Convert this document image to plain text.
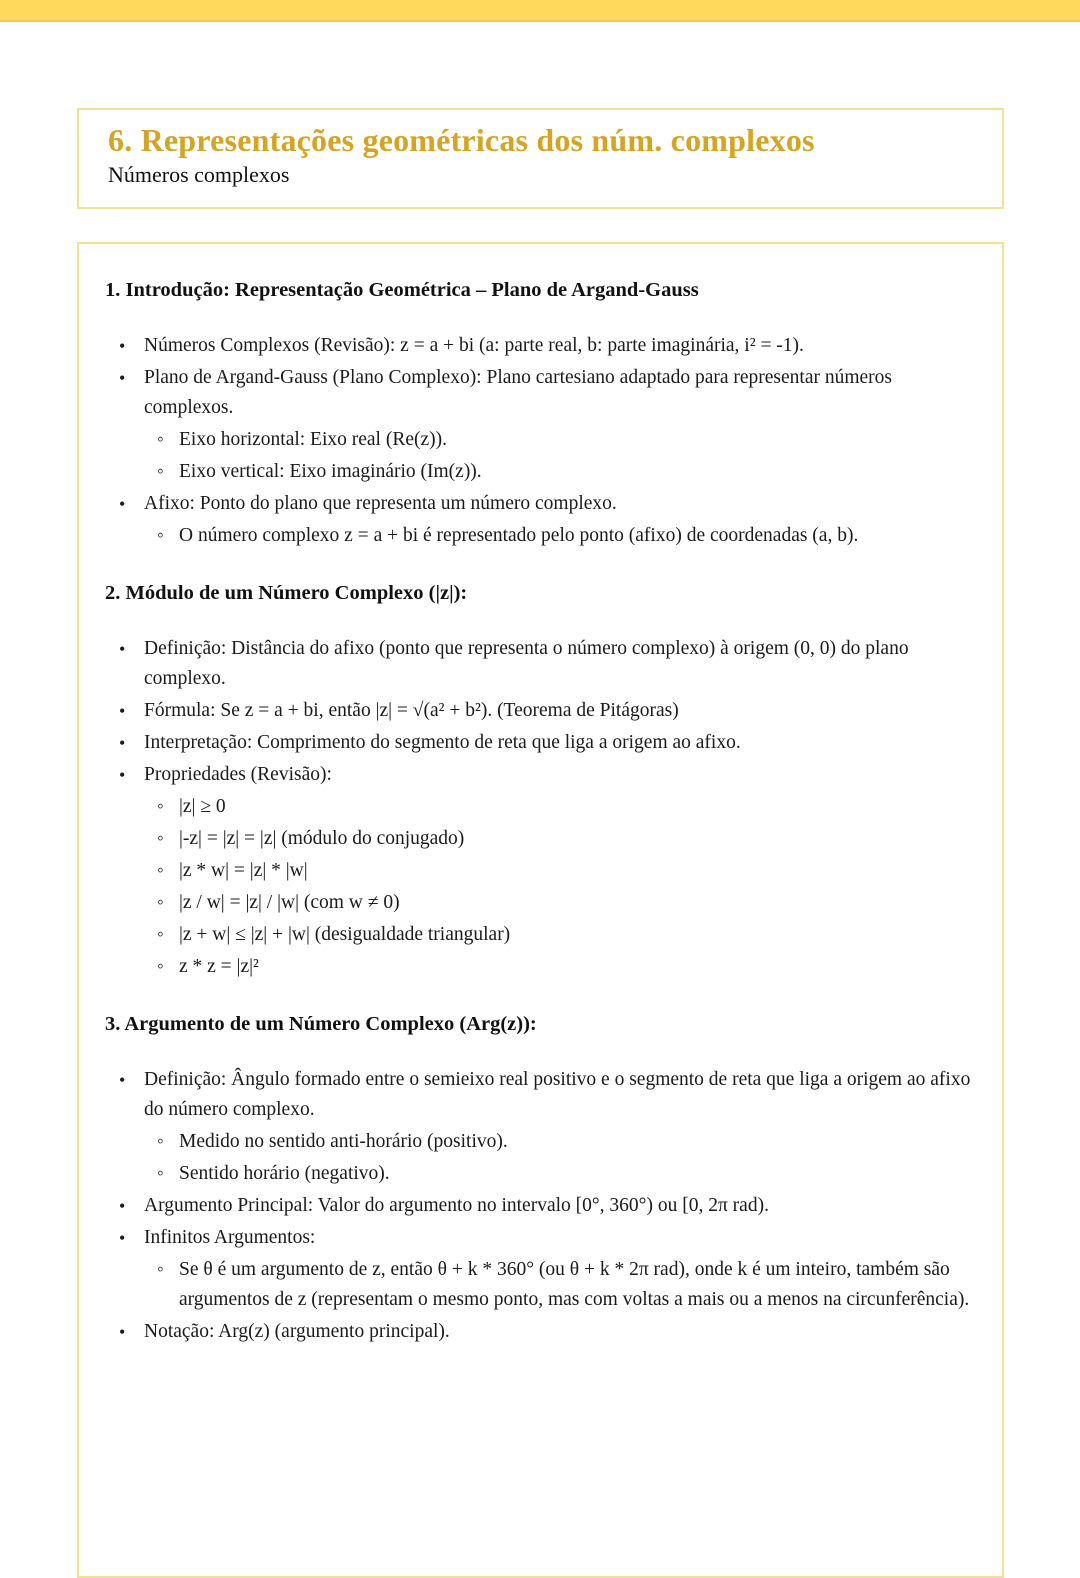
6. Representações geométricas dos núm. complexos
Números complexos
1. Introdução: Representação Geométrica – Plano de Argand-Gauss
• Números Complexos (Revisão): z = a + bi (a: parte real, b: parte imaginária, i² = -1).
• Plano de Argand-Gauss (Plano Complexo): Plano cartesiano adaptado para representar números complexos.
◦ Eixo horizontal: Eixo real (Re(z)).
◦ Eixo vertical: Eixo imaginário (Im(z)).
• Afixo: Ponto do plano que representa um número complexo.
◦ O número complexo z = a + bi é representado pelo ponto (afixo) de coordenadas (a, b).
2. Módulo de um Número Complexo (|z|):
• Definição: Distância do afixo (ponto que representa o número complexo) à origem (0, 0) do plano complexo.
• Fórmula: Se z = a + bi, então |z| = √(a² + b²). (Teorema de Pitágoras)
• Interpretação: Comprimento do segmento de reta que liga a origem ao afixo.
• Propriedades (Revisão):
◦ |z| ≥ 0
◦ |-z| = |z| = |z| (módulo do conjugado)
◦ |z * w| = |z| * |w|
◦ |z / w| = |z| / |w| (com w ≠ 0)
◦ |z + w| ≤ |z| + |w| (desigualdade triangular)
◦ z * z = |z|²
3. Argumento de um Número Complexo (Arg(z)):
• Definição: Ângulo formado entre o semieixo real positivo e o segmento de reta que liga a origem ao afixo do número complexo.
◦ Medido no sentido anti-horário (positivo).
◦ Sentido horário (negativo).
• Argumento Principal: Valor do argumento no intervalo [0°, 360°) ou [0, 2π rad).
• Infinitos Argumentos:
◦ Se θ é um argumento de z, então θ + k * 360° (ou θ + k * 2π rad), onde k é um inteiro, também são argumentos de z (representam o mesmo ponto, mas com voltas a mais ou a menos na circunferência).
• Notação: Arg(z) (argumento principal).
